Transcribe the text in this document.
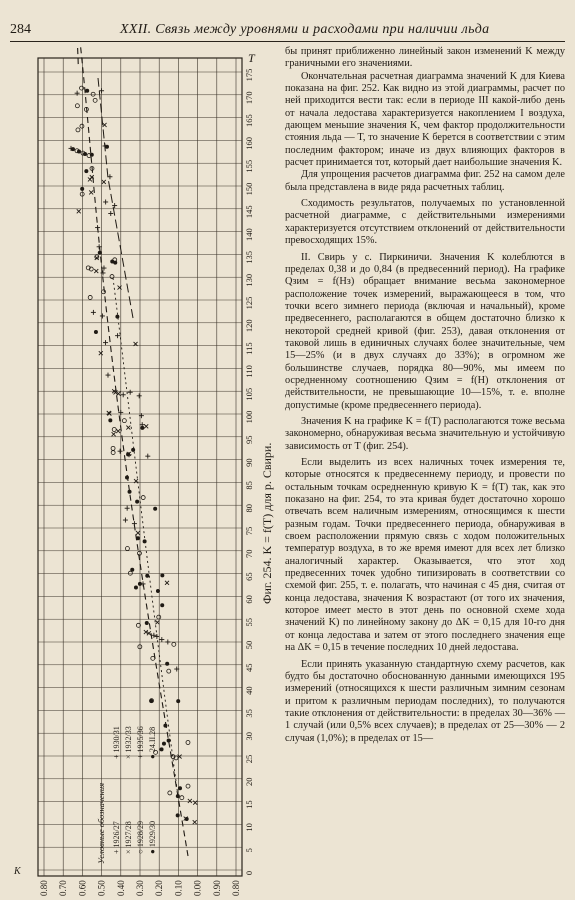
284	XXII. Связь между уровнями и расходами при наличии льда
0.80 0.70 0.60 0.50 0.40 0.30 0.20 0.10 0.00 0.90 0.80
0
5
10
15
20
25
30
35
40
45
50
55
60
65
70
75
80
85
90
95
100
105
110
115
120
125
130
135
140
145
150
155
160
165
170
175
K
T
Условные обозначения + 1926/27 × 1927/28 ○ 1928/29 ● 1929/30
+ 1930/31 × 1932/33 + 1935/36 ● 24.II.28
Фиг. 254. K = f(T) для р. Свири.

бы принят приближенно линейный закон изменений K между граничными его значениями.

Окончательная расчетная диаграмма значений K для Киева показана на фиг. 252. Как видно из этой диаграммы, расчет по ней приходится вести так: если в периоде III какой-либо день от начала ледостава характеризуется накоплением I воздуха, дающем меньшие значения K, чем фактор продолжительности стояния льда — T, то значение K берется в соответствии с этим последним фактором; иначе из двух влияющих факторов в расчет принимается тот, который дает наибольшие значения K.

Для упрощения расчетов диаграмма фиг. 252 на самом деле была представлена в виде ряда расчетных таблиц.

Сходимость результатов, получаемых по установленной расчетной диаграмме, с действительными измерениями характеризуется отсутствием отклонений от действительности превосходящих 15%.

II. Свирь у с. Пиркиничи. Значения K колеблются в пределах 0,38 и до 0,84 (в предвесенний период). На графике Qзим = f(Hз) обращает внимание весьма закономерное расположение точек измерений, выражающееся в том, что точки всего зимнего периода (включая и начальный), кроме предвесеннего, располагаются в общем достаточно близко к некоторой средней кривой (фиг. 253), давая отклонения от таковой лишь в единичных случаях более значительные, чем 15—25% (и в двух случаях до 33%); в огромном же большинстве случаев, порядка 80—90%, мы имеем по осредненному соотношению Qзим = f(H) отклонения от действительности, не превышающие 10—15%, т. е. вполне допустимые (кроме предвесеннего периода).

Значения K на графике K = f(T) располагаются тоже весьма закономерно, обнаруживая весьма значительную и устойчивую зависимость от T (фиг. 254).

Если выделить из всех наличных точек измерения те, которые относятся к предвесеннему периоду, и провести по остальным точкам осредненную кривую K = f(T) так, как это показано на фиг. 254, то эта кривая будет достаточно хорошо отвечать всем наличным измерениям, относящимся к шести разным годам. Точки предвесеннего периода, обнаруживая в своем расположении прямую связь с ходом положительных температур воздуха, в то же время имеют для всех лет близко аналогичный характер. Оказывается, что этот ход предвесенних точек удобно типизировать в соответствии со схемой фиг. 255, т. е. полагать, что начиная с 45 дня, считая от конца ледостава, значения K возрастают (от того их значения, которое имеет место в этот день по основной схеме хода значений K) по линейному закону до ΔK = 0,15 для 10-го дня от конца ледостава и затем от этого последнего значения еще на ΔK = 0,15 в течение последних 10 дней ледостава.

Если принять указанную стандартную схему расчетов, как будто бы достаточно обоснованную данными имеющихся 195 измерений (относящихся к шести различным зимним сезонам и притом к различным периодам последних), то получаются такие отклонения от действительности: в пределах 30—36% — 1 случай (или 0,5% всех случаев); в пределах от 25—30% — 2 случая (1,0%); в пределах от 15—
